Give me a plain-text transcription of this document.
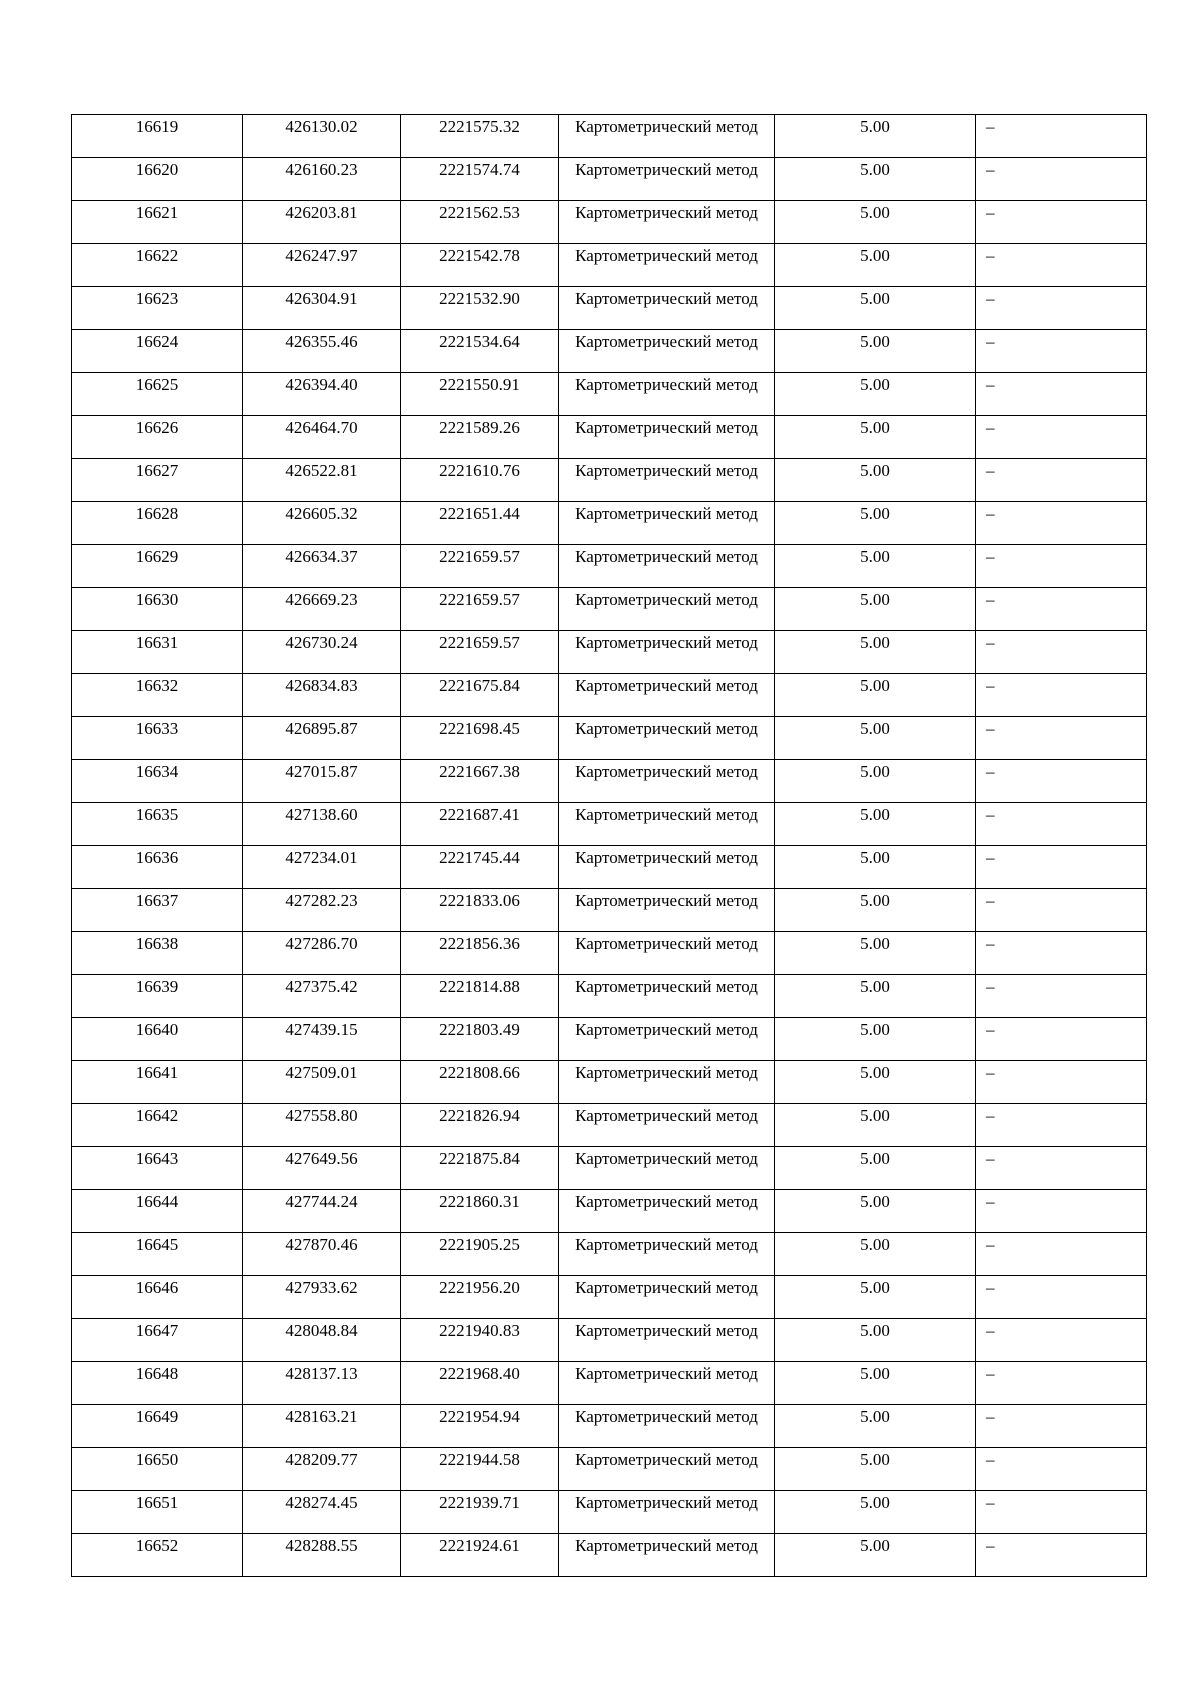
16619	426130.02	2221575.32	Картометрический метод	5.00	–

16620	426160.23	2221574.74	Картометрический метод	5.00	–

16621	426203.81	2221562.53	Картометрический метод	5.00	–

16622	426247.97	2221542.78	Картометрический метод	5.00	–

16623	426304.91	2221532.90	Картометрический метод	5.00	–

16624	426355.46	2221534.64	Картометрический метод	5.00	–

16625	426394.40	2221550.91	Картометрический метод	5.00	–

16626	426464.70	2221589.26	Картометрический метод	5.00	–

16627	426522.81	2221610.76	Картометрический метод	5.00	–

16628	426605.32	2221651.44	Картометрический метод	5.00	–

16629	426634.37	2221659.57	Картометрический метод	5.00	–

16630	426669.23	2221659.57	Картометрический метод	5.00	–

16631	426730.24	2221659.57	Картометрический метод	5.00	–

16632	426834.83	2221675.84	Картометрический метод	5.00	–

16633	426895.87	2221698.45	Картометрический метод	5.00	–

16634	427015.87	2221667.38	Картометрический метод	5.00	–

16635	427138.60	2221687.41	Картометрический метод	5.00	–

16636	427234.01	2221745.44	Картометрический метод	5.00	–

16637	427282.23	2221833.06	Картометрический метод	5.00	–

16638	427286.70	2221856.36	Картометрический метод	5.00	–

16639	427375.42	2221814.88	Картометрический метод	5.00	–

16640	427439.15	2221803.49	Картометрический метод	5.00	–

16641	427509.01	2221808.66	Картометрический метод	5.00	–

16642	427558.80	2221826.94	Картометрический метод	5.00	–

16643	427649.56	2221875.84	Картометрический метод	5.00	–

16644	427744.24	2221860.31	Картометрический метод	5.00	–

16645	427870.46	2221905.25	Картометрический метод	5.00	–

16646	427933.62	2221956.20	Картометрический метод	5.00	–

16647	428048.84	2221940.83	Картометрический метод	5.00	–

16648	428137.13	2221968.40	Картометрический метод	5.00	–

16649	428163.21	2221954.94	Картометрический метод	5.00	–

16650	428209.77	2221944.58	Картометрический метод	5.00	–

16651	428274.45	2221939.71	Картометрический метод	5.00	–

16652	428288.55	2221924.61	Картометрический метод	5.00	–
